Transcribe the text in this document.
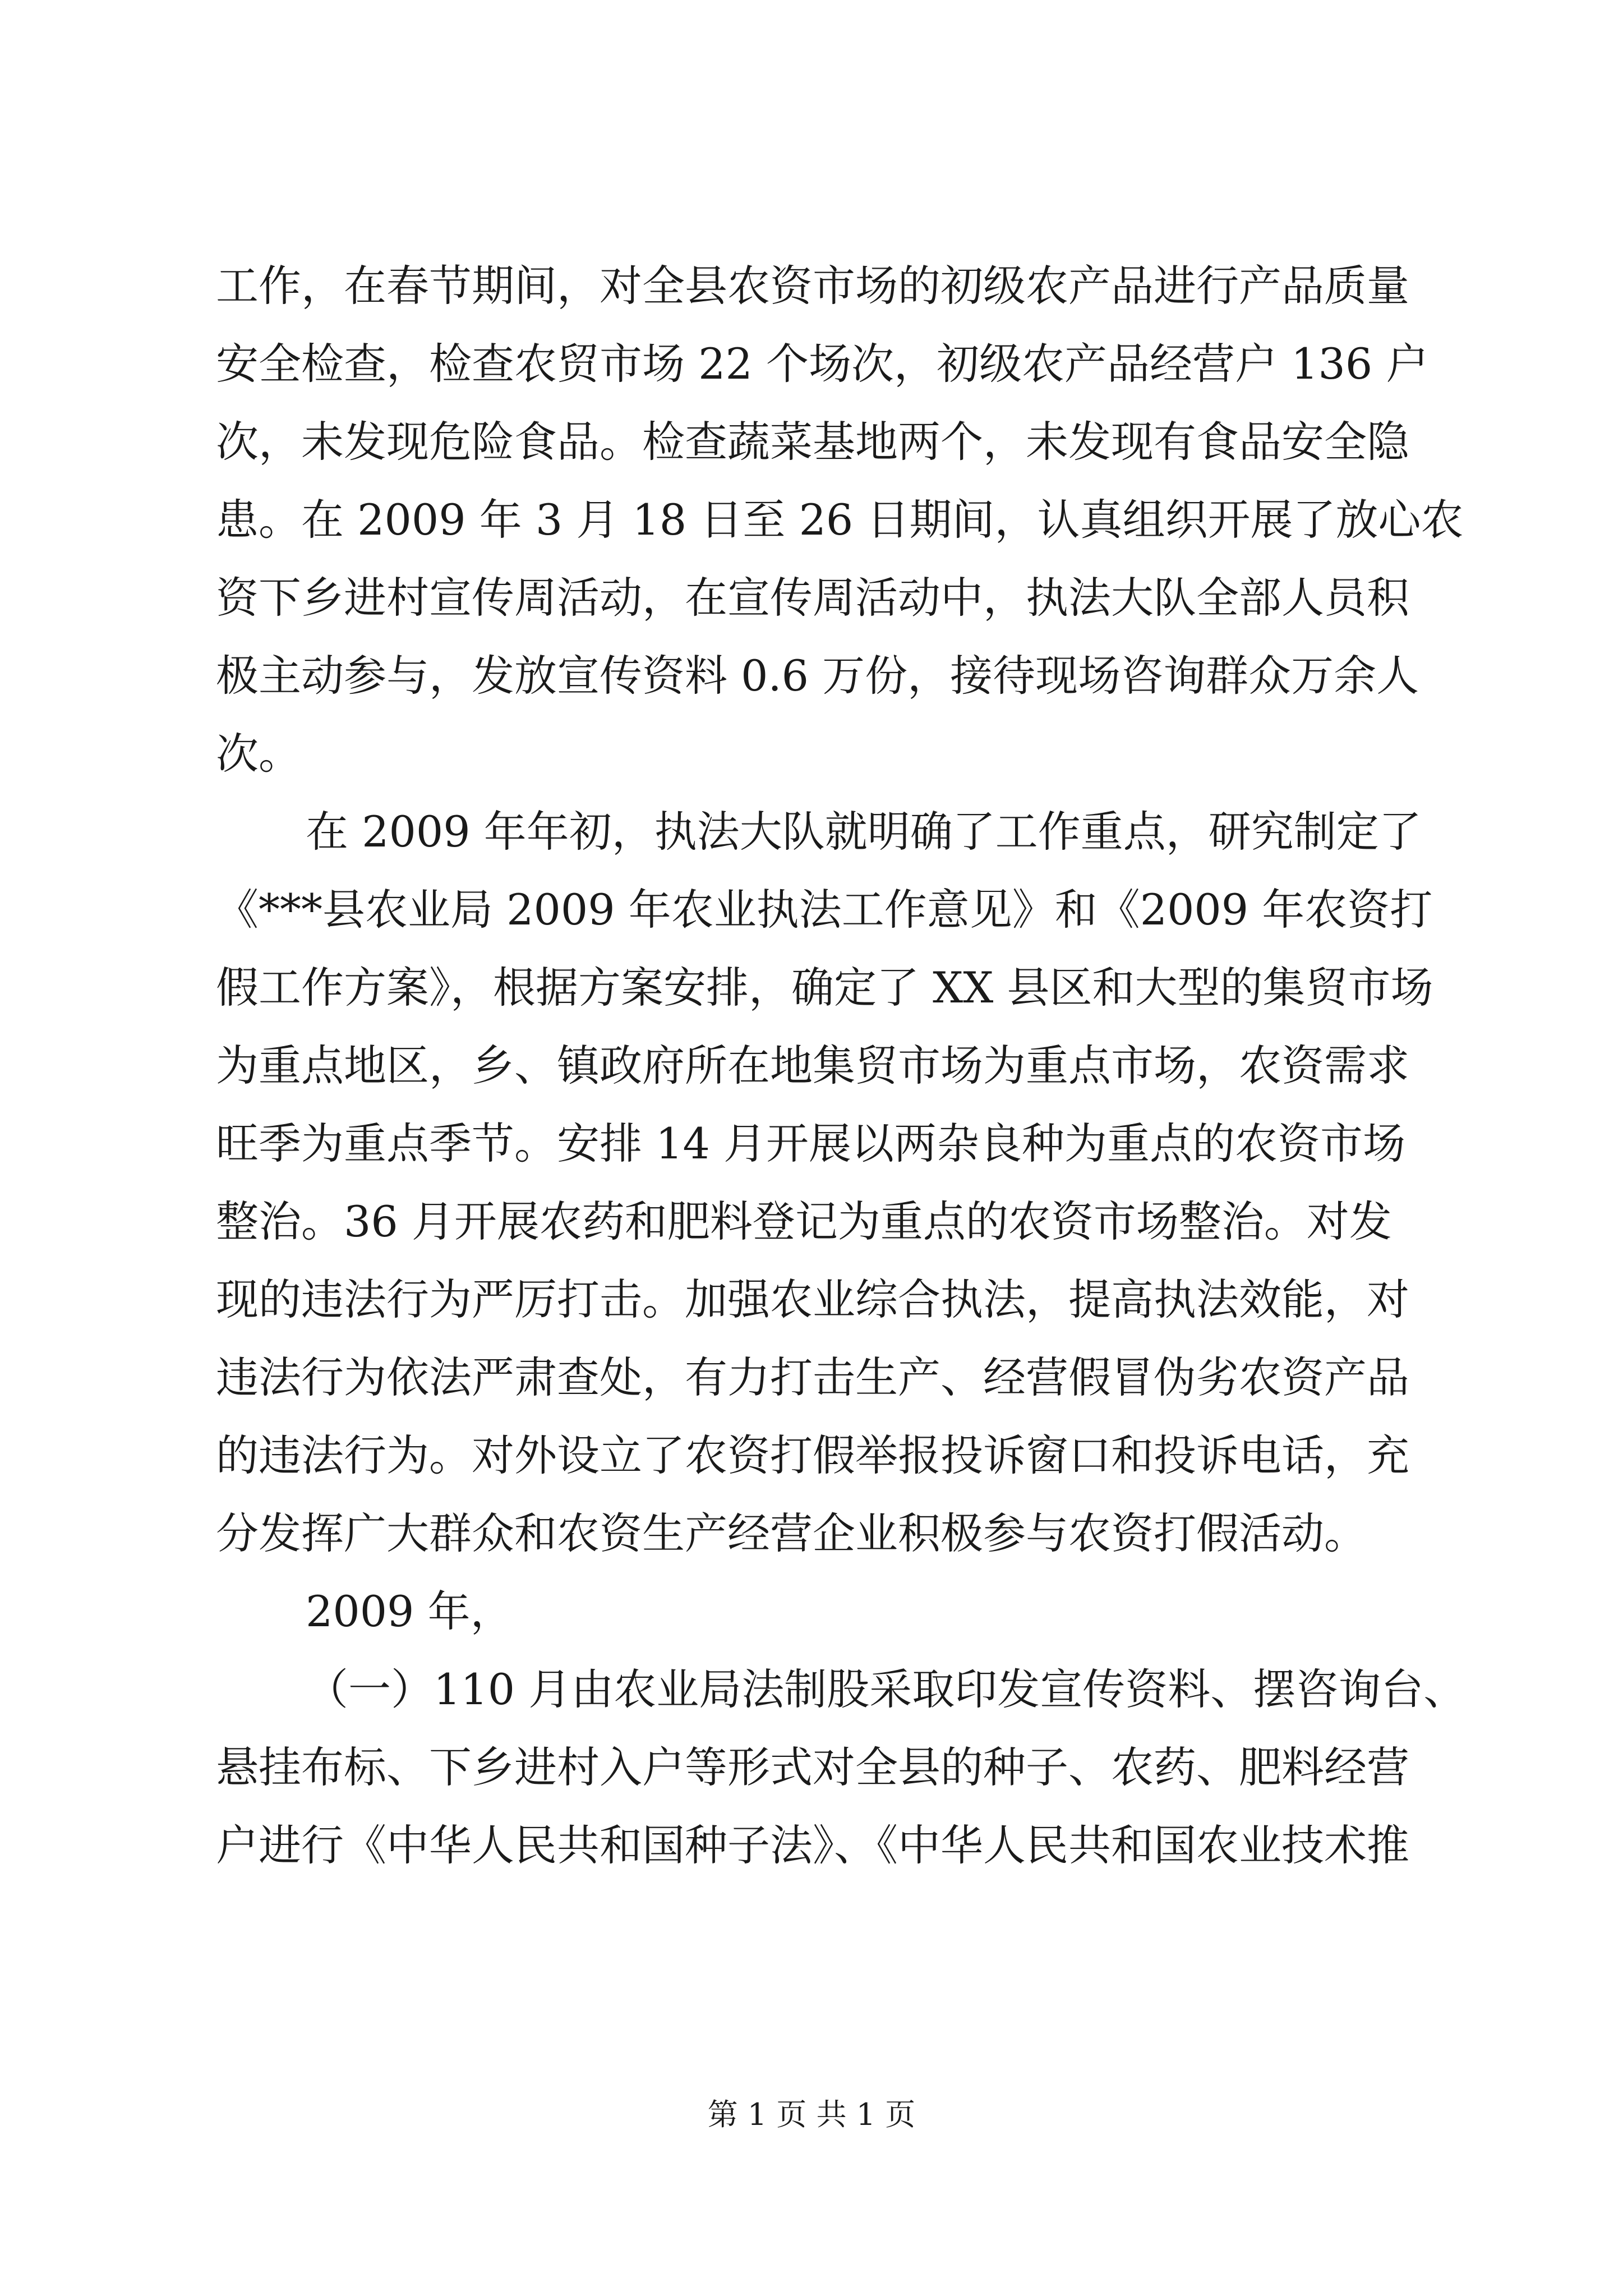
工作，在春节期间，对全县农资市场的初级农产品进行产品质量
安全检查，检查农贸市场 22 个场次，初级农产品经营户 136 户
次，未发现危险食品。检查蔬菜基地两个，未发现有食品安全隐
患。在 2009 年 3 月 18 日至 26 日期间，认真组织开展了放心农
资下乡进村宣传周活动，在宣传周活动中，执法大队全部人员积
极主动参与，发放宣传资料 0.6 万份，接待现场咨询群众万余人
次。
在 2009 年年初，执法大队就明确了工作重点，研究制定了
《***县农业局 2009 年农业执法工作意见》和《2009 年农资打
假工作方案》，根据方案安排，确定了 XX 县区和大型的集贸市场
为重点地区，乡、镇政府所在地集贸市场为重点市场，农资需求
旺季为重点季节。安排 14 月开展以两杂良种为重点的农资市场
整治。36 月开展农药和肥料登记为重点的农资市场整治。对发
现的违法行为严厉打击。加强农业综合执法，提高执法效能，对
违法行为依法严肃查处，有力打击生产、经营假冒伪劣农资产品
的违法行为。对外设立了农资打假举报投诉窗口和投诉电话，充
分发挥广大群众和农资生产经营企业积极参与农资打假活动。
2009 年，
（一）110 月由农业局法制股采取印发宣传资料、摆咨询台、
悬挂布标、下乡进村入户等形式对全县的种子、农药、肥料经营
户进行《中华人民共和国种子法》、《中华人民共和国农业技术推
第 1 页 共 1 页
